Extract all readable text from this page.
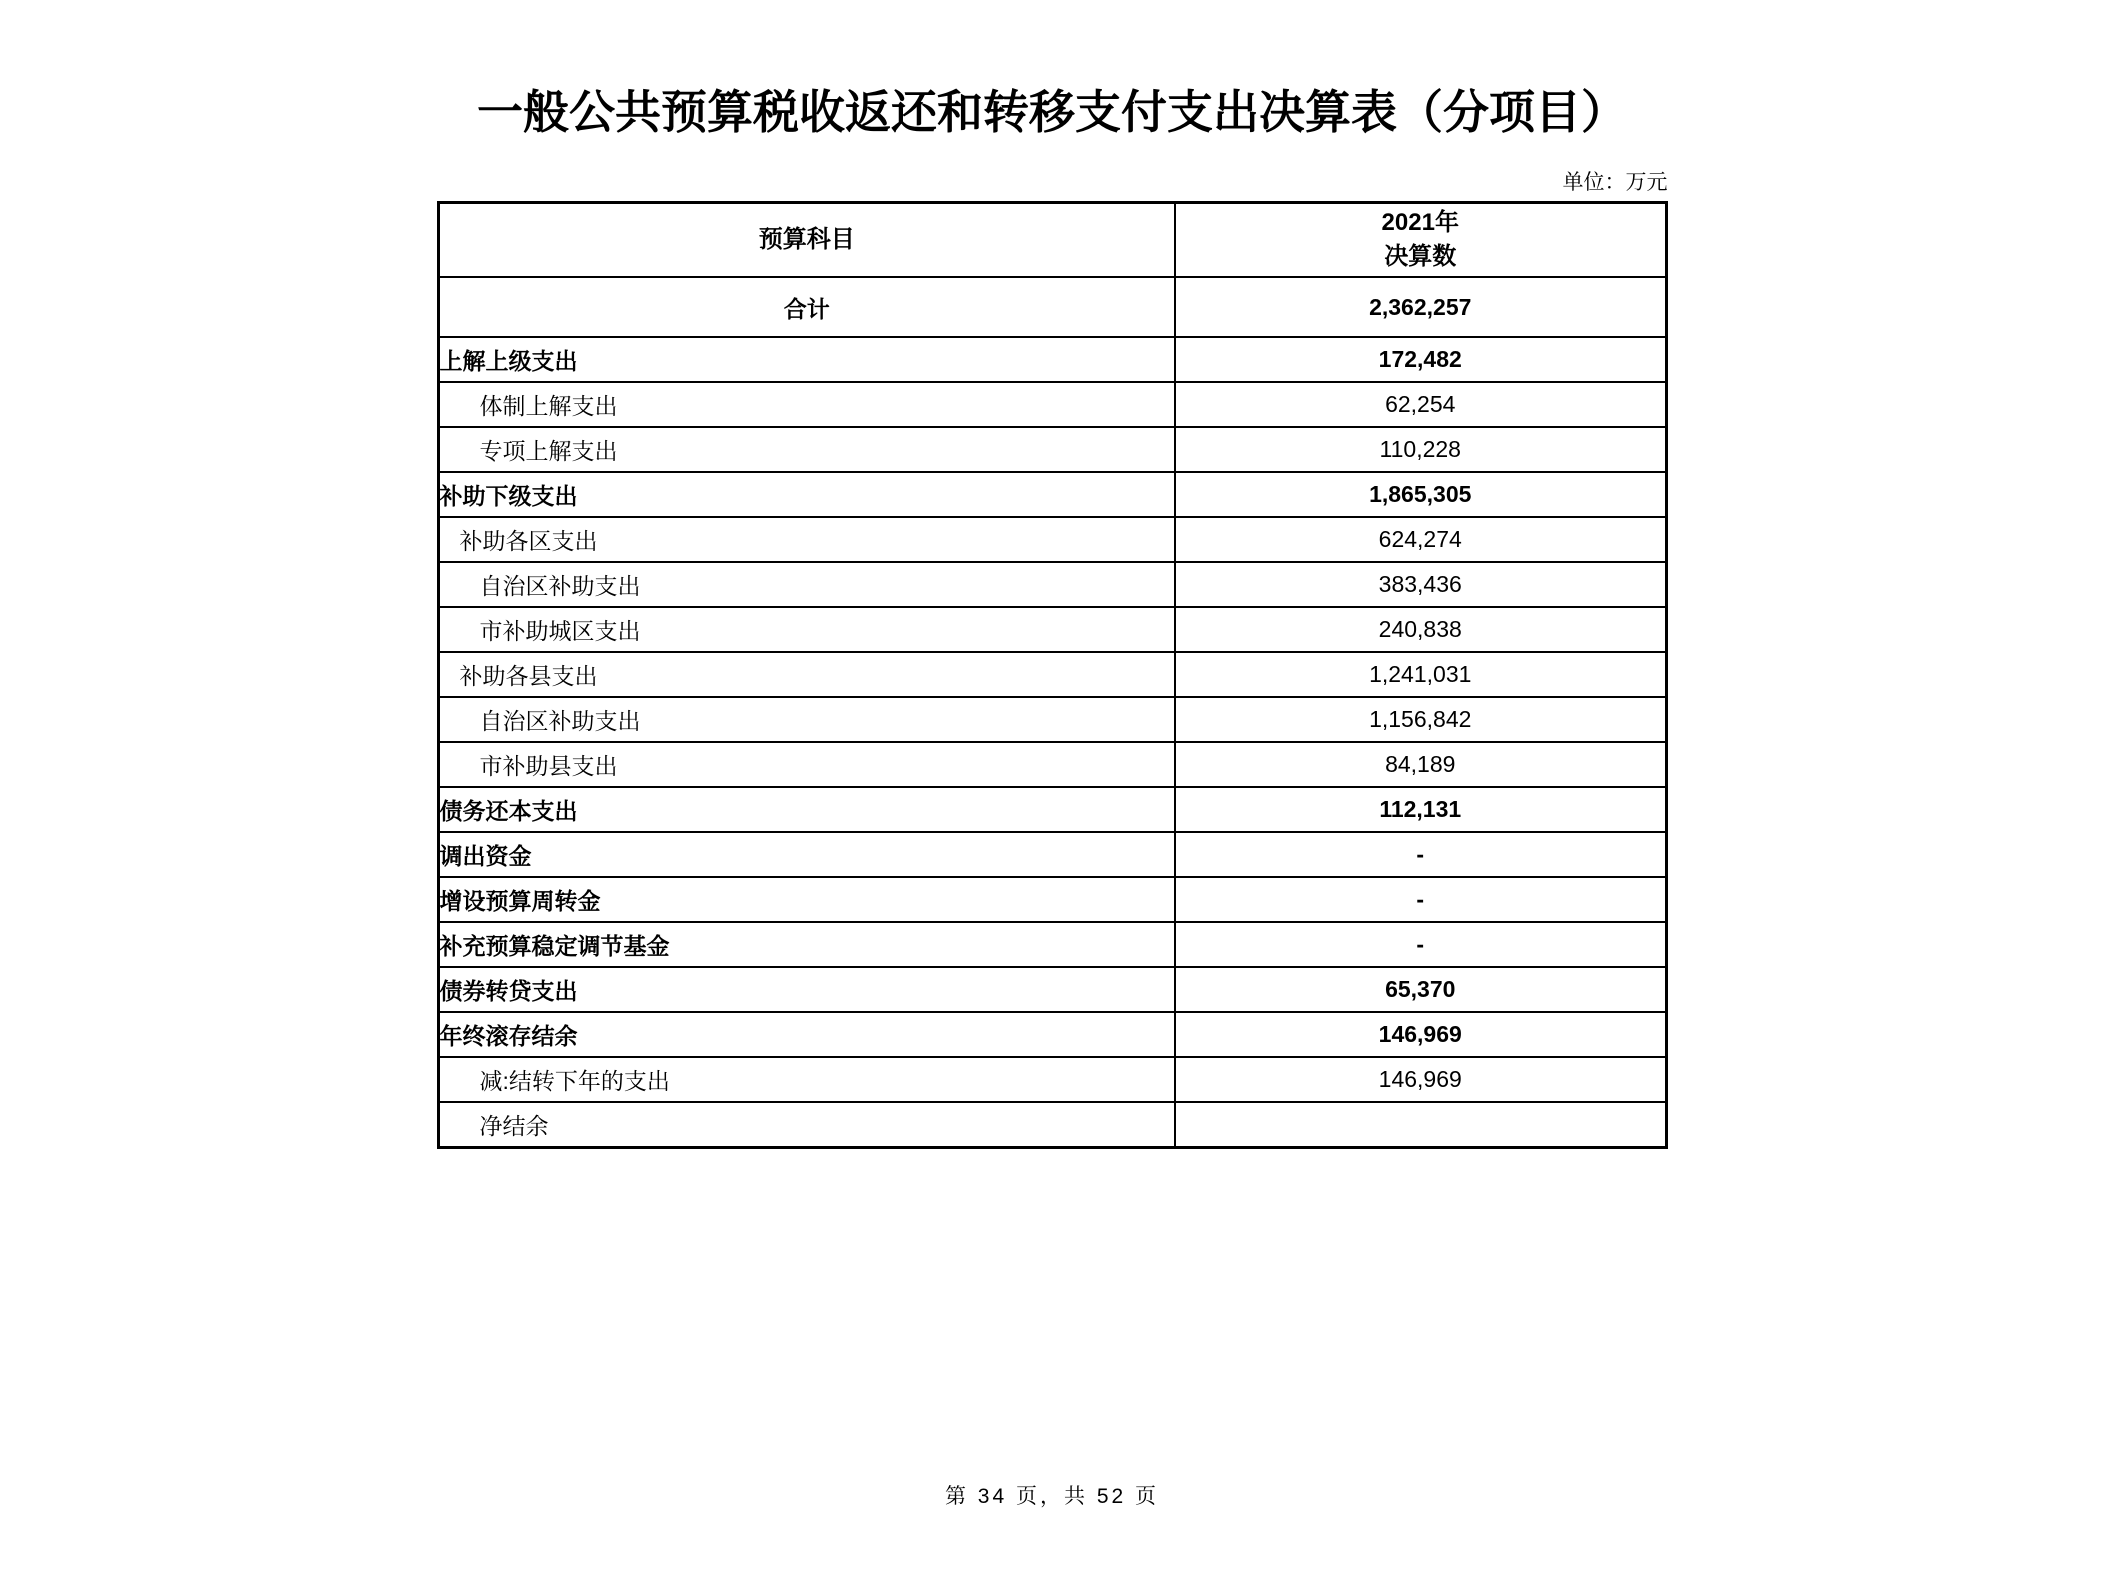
一般公共预算税收返还和转移支付支出决算表（分项目）
单位：万元
预算科目	2021年
决算数

合计	2,362,257
上解上级支出	172,482
体制上解支出	62,254
专项上解支出	110,228
补助下级支出	1,865,305
补助各区支出	624,274
自治区补助支出	383,436
市补助城区支出	240,838
补助各县支出	1,241,031
自治区补助支出	1,156,842
市补助县支出	84,189
债务还本支出	112,131
调出资金	-
增设预算周转金	-
补充预算稳定调节基金	-
债券转贷支出	65,370
年终滚存结余	146,969
减:结转下年的支出	146,969
净结余	
第 34 页，共 52 页
